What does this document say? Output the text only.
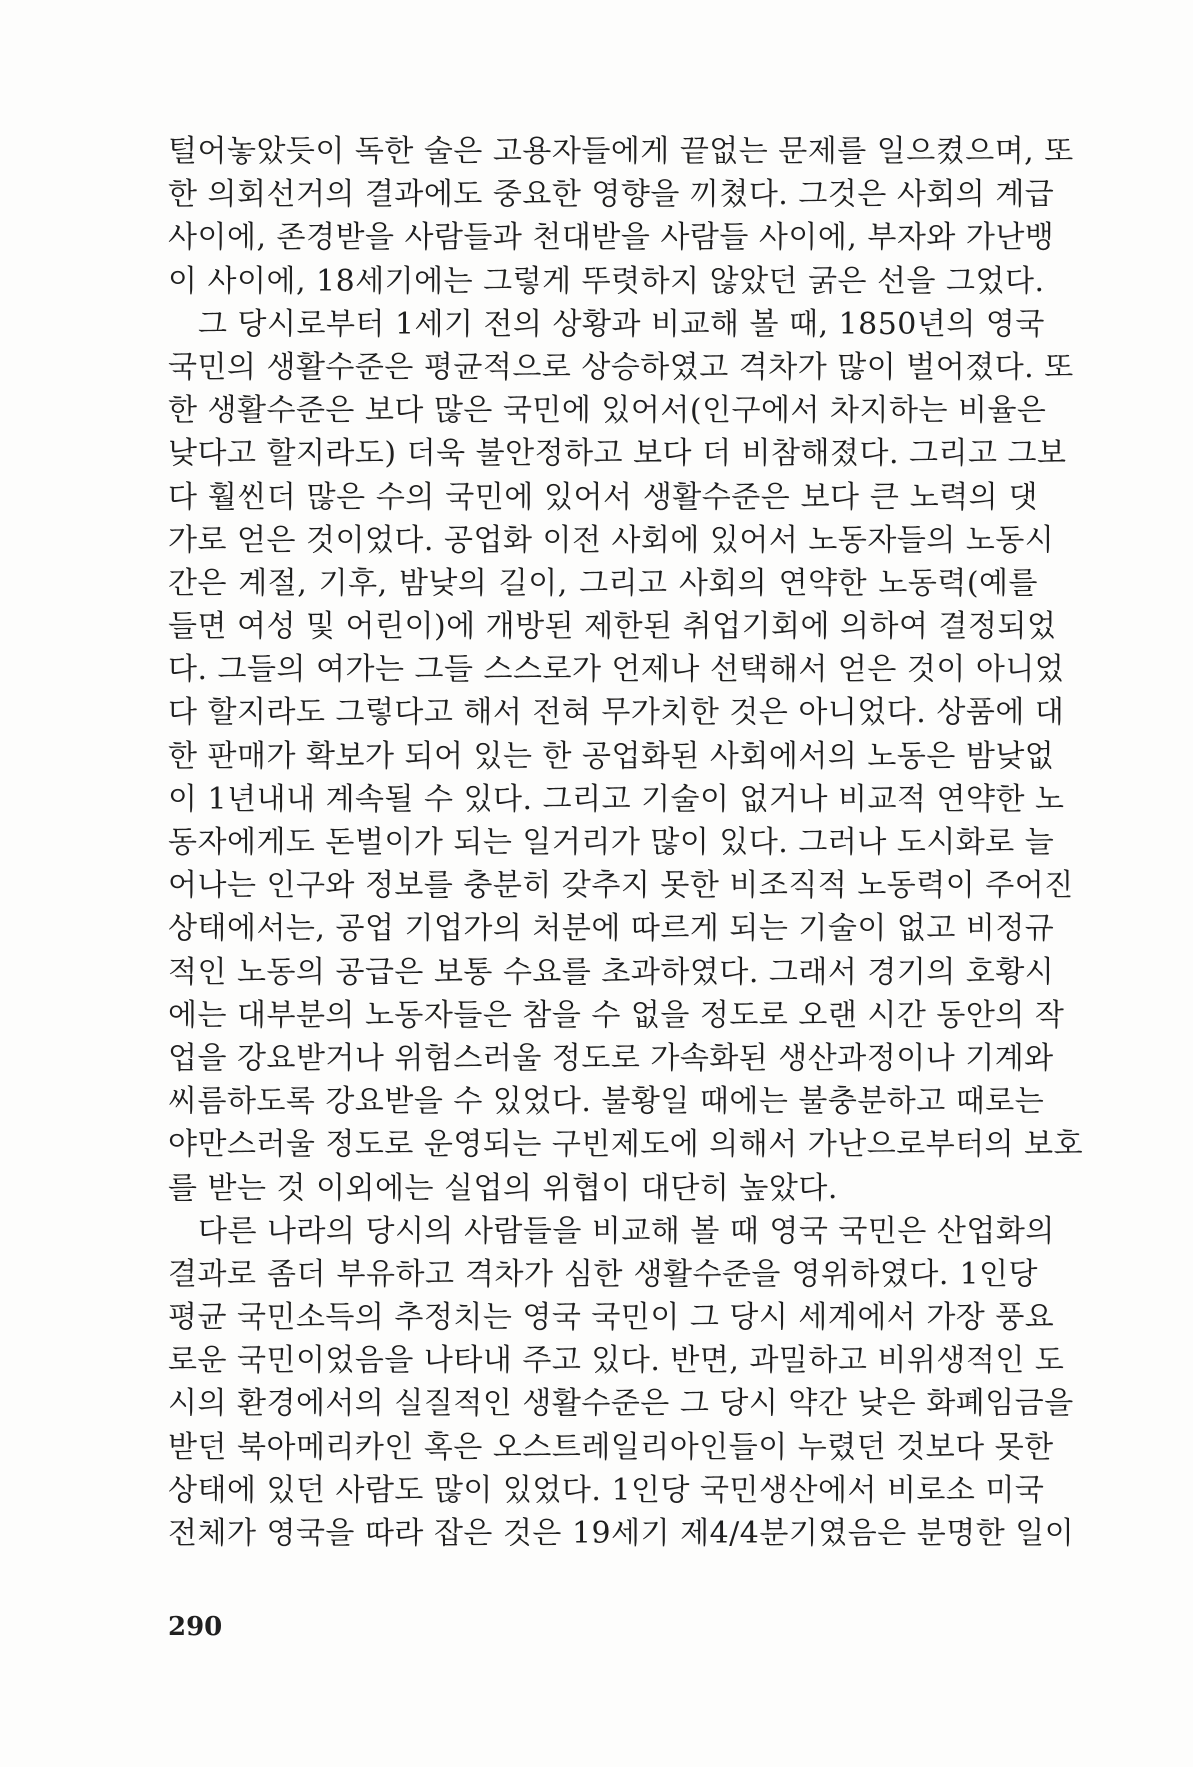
털어놓았듯이 독한 술은 고용자들에게 끝없는 문제를 일으켰으며, 또
한 의회선거의 결과에도 중요한 영향을 끼쳤다. 그것은 사회의 계급
사이에, 존경받을 사람들과 천대받을 사람들 사이에, 부자와 가난뱅
이 사이에, 18세기에는 그렇게 뚜렷하지 않았던 굵은 선을 그었다.
그 당시로부터 1세기 전의 상황과 비교해 볼 때, 1850년의 영국
국민의 생활수준은 평균적으로 상승하였고 격차가 많이 벌어졌다. 또
한 생활수준은 보다 많은 국민에 있어서(인구에서 차지하는 비율은
낮다고 할지라도) 더욱 불안정하고 보다 더 비참해졌다. 그리고 그보
다 훨씬더 많은 수의 국민에 있어서 생활수준은 보다 큰 노력의 댓
가로 얻은 것이었다. 공업화 이전 사회에 있어서 노동자들의 노동시
간은 계절, 기후, 밤낮의 길이, 그리고 사회의 연약한 노동력(예를
들면 여성 및 어린이)에 개방된 제한된 취업기회에 의하여 결정되었
다. 그들의 여가는 그들 스스로가 언제나 선택해서 얻은 것이 아니었
다 할지라도 그렇다고 해서 전혀 무가치한 것은 아니었다. 상품에 대
한 판매가 확보가 되어 있는 한 공업화된 사회에서의 노동은 밤낮없
이 1년내내 계속될 수 있다. 그리고 기술이 없거나 비교적 연약한 노
동자에게도 돈벌이가 되는 일거리가 많이 있다. 그러나 도시화로 늘
어나는 인구와 정보를 충분히 갖추지 못한 비조직적 노동력이 주어진
상태에서는, 공업 기업가의 처분에 따르게 되는 기술이 없고 비정규
적인 노동의 공급은 보통 수요를 초과하였다. 그래서 경기의 호황시
에는 대부분의 노동자들은 참을 수 없을 정도로 오랜 시간 동안의 작
업을 강요받거나 위험스러울 정도로 가속화된 생산과정이나 기계와
씨름하도록 강요받을 수 있었다. 불황일 때에는 불충분하고 때로는
야만스러울 정도로 운영되는 구빈제도에 의해서 가난으로부터의 보호
를 받는 것 이외에는 실업의 위협이 대단히 높았다.
다른 나라의 당시의 사람들을 비교해 볼 때 영국 국민은 산업화의
결과로 좀더 부유하고 격차가 심한 생활수준을 영위하였다. 1인당
평균 국민소득의 추정치는 영국 국민이 그 당시 세계에서 가장 풍요
로운 국민이었음을 나타내 주고 있다. 반면, 과밀하고 비위생적인 도
시의 환경에서의 실질적인 생활수준은 그 당시 약간 낮은 화폐임금을
받던 북아메리카인 혹은 오스트레일리아인들이 누렸던 것보다 못한
상태에 있던 사람도 많이 있었다. 1인당 국민생산에서 비로소 미국
전체가 영국을 따라 잡은 것은 19세기 제4/4분기였음은 분명한 일이
290
